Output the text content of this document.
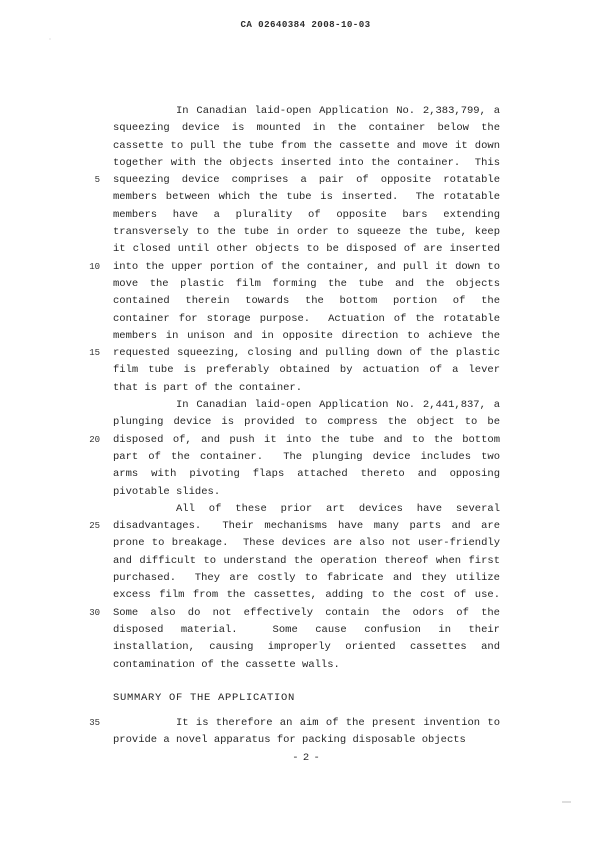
CA 02640384 2008-10-03
In Canadian laid-open Application No. 2,383,799, a
squeezing device is mounted in the container below the
cassette to pull the tube from the cassette and move it down
together with the objects inserted into the container.  This
5 squeezing device comprises a pair of opposite rotatable
members between which the tube is inserted.  The rotatable
members have a plurality of opposite bars extending
transversely to the tube in order to squeeze the tube, keep
it closed until other objects to be disposed of are inserted
10 into the upper portion of the container, and pull it down to
move the plastic film forming the tube and the objects
contained therein towards the bottom portion of the
container for storage purpose.  Actuation of the rotatable
members in unison and in opposite direction to achieve the
15 requested squeezing, closing and pulling down of the plastic
film tube is preferably obtained by actuation of a lever
that is part of the container.
In Canadian laid-open Application No. 2,441,837, a
plunging device is provided to compress the object to be
20 disposed of, and push it into the tube and to the bottom
part of the container.  The plunging device includes two
arms with pivoting flaps attached thereto and opposing
pivotable slides.
All of these prior art devices have several
25 disadvantages.  Their mechanisms have many parts and are
prone to breakage.  These devices are also not user-friendly
and difficult to understand the operation thereof when first
purchased.  They are costly to fabricate and they utilize
excess film from the cassettes, adding to the cost of use.
30 Some also do not effectively contain the odors of the
disposed material.  Some cause confusion in their
installation, causing improperly oriented cassettes and
contamination of the cassette walls.
SUMMARY OF THE APPLICATION
35	It is therefore an aim of the present invention to
provide a novel apparatus for packing disposable objects
- 2 -
